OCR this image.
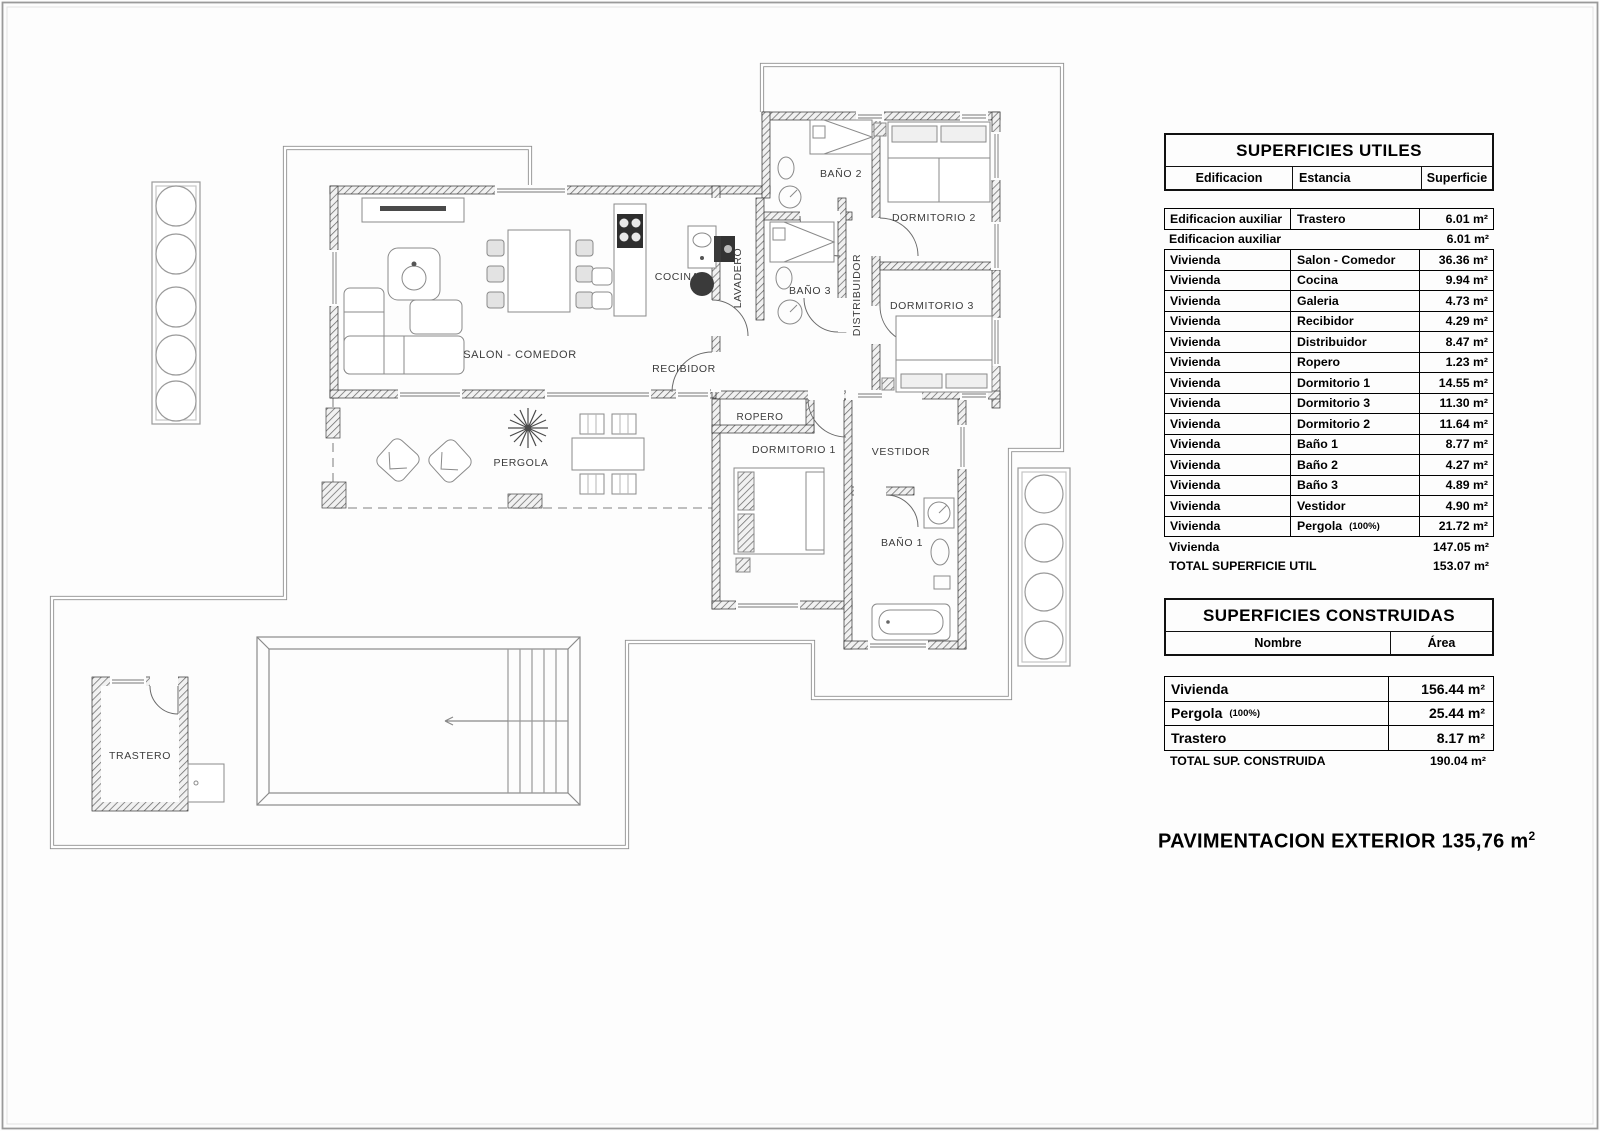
SALON - COMEDOR
COCINA
RECIBIDOR
LAVADERO
BAÑO 2
BAÑO 3 DISTRIBUIDOR
DORMITORIO 2
DORMITORIO 3
ROPERO
DORMITORIO 1	VESTIDOR
BAÑO 1
PERGOLA
TRASTERO
SUPERFICIES UTILES
Edificacion	Estancia	Superficie
Edificacion auxiliar	Trastero	6.01 m²
Edificacion auxiliar	6.01 m²
Vivienda	Salon - Comedor	36.36 m²
Vivienda	Cocina	9.94 m²
Vivienda	Galeria	4.73 m²
Vivienda	Recibidor	4.29 m²
Vivienda	Distribuidor	8.47 m²
Vivienda	Ropero	1.23 m²
Vivienda	Dormitorio 1	14.55 m²
Vivienda	Dormitorio 3	11.30 m²
Vivienda	Dormitorio 2	11.64 m²
Vivienda	Baño 1	8.77 m²
Vivienda	Baño 2	4.27 m²
Vivienda	Baño 3	4.89 m²
Vivienda	Vestidor	4.90 m²
Vivienda	Pergola (100%)	21.72 m²
Vivienda	147.05 m²
TOTAL SUPERFICIE UTIL	153.07 m²
SUPERFICIES CONSTRUIDAS
Nombre	Área
Vivienda	156.44 m²
Pergola (100%)	25.44 m²
Trastero	8.17 m²
TOTAL SUP. CONSTRUIDA	190.04 m²
PAVIMENTACION EXTERIOR 135,76 $m^2$
